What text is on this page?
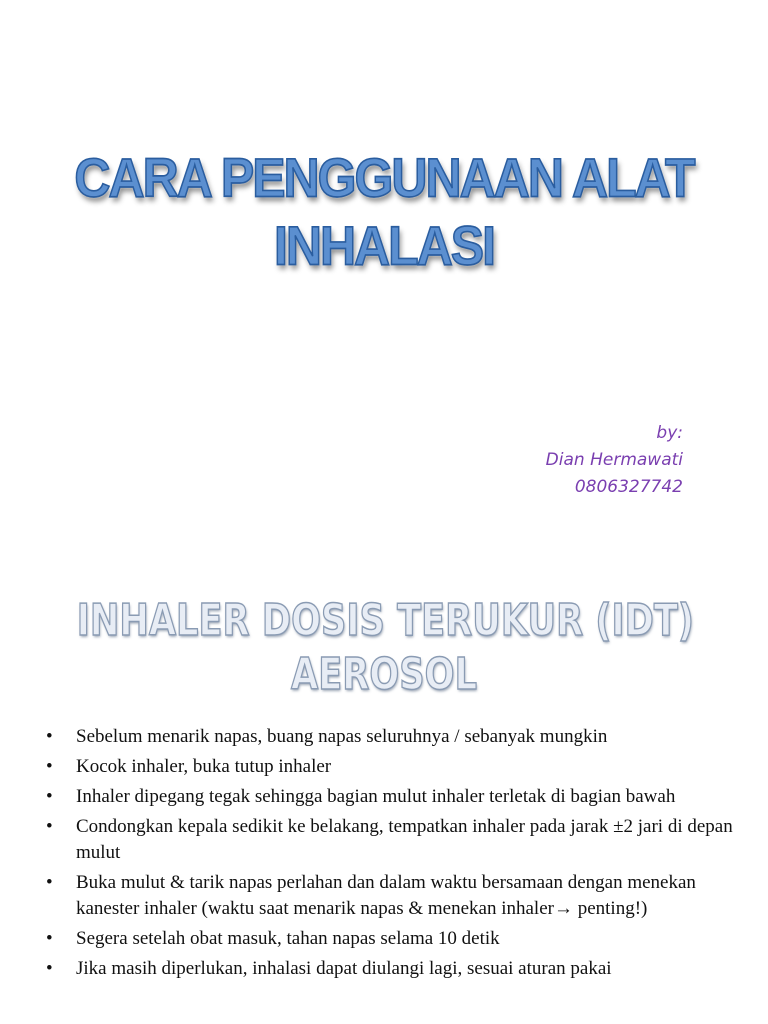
CARA PENGGUNAAN ALAT
INHALASI
by:
Dian Hermawati
0806327742
INHALER DOSIS TERUKUR (IDT)
AEROSOL
• Sebelum menarik napas, buang napas seluruhnya / sebanyak mungkin
• Kocok inhaler, buka tutup inhaler
• Inhaler dipegang tegak sehingga bagian mulut inhaler terletak di bagian bawah
• Condongkan kepala sedikit ke belakang, tempatkan inhaler pada jarak ±2 jari di depan mulut
• Buka mulut & tarik napas perlahan dan dalam waktu bersamaan dengan menekan kanester inhaler (waktu saat menarik napas & menekan inhaler→ penting!)
• Segera setelah obat masuk, tahan napas selama 10 detik
• Jika masih diperlukan, inhalasi dapat diulangi lagi, sesuai aturan pakai
